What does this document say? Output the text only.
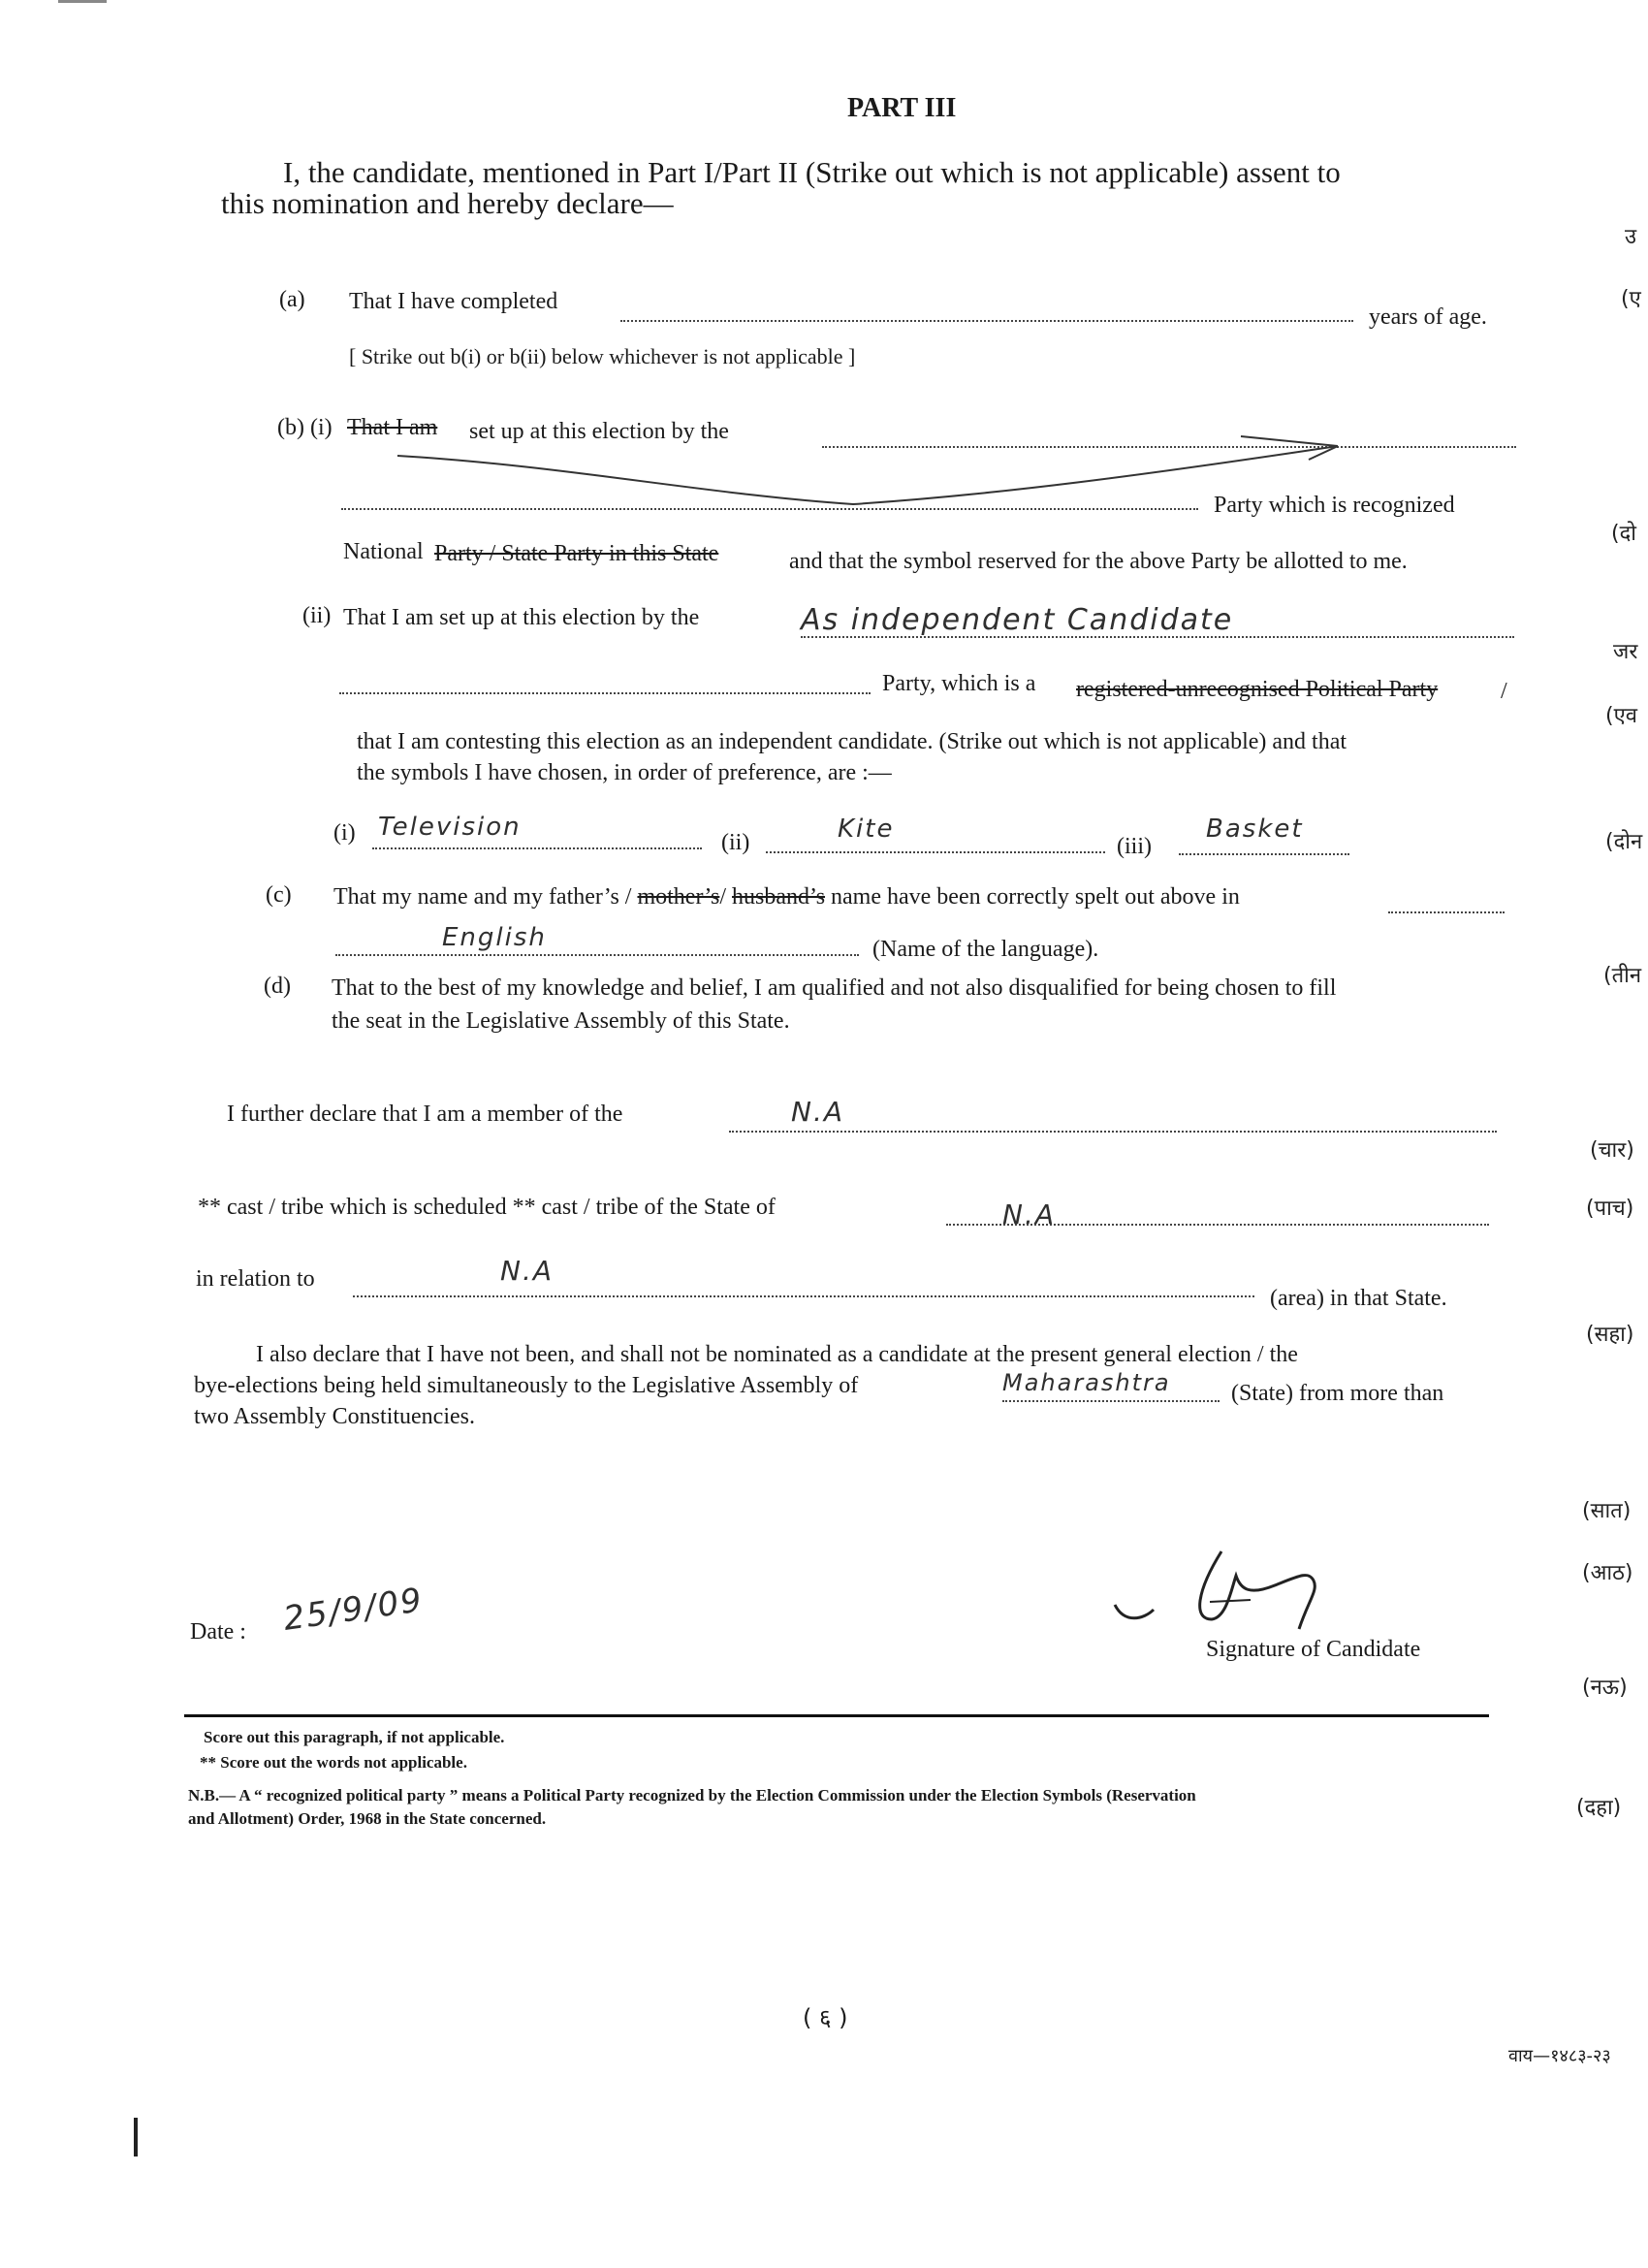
PART III
I, the candidate, mentioned in Part I/Part II (Strike out which is not applicable) assent to
this nomination and hereby declare—
(a) That I have completed
years of age.
[ Strike out b(i) or b(ii) below whichever is not applicable ]
(b) (i) That I am set up at this election by the
Party which is recognized
National Party / State Party in this State	and that the symbol reserved for the above Party be allotted to me.
(ii) That I am set up at this election by the	As independent Candidate
Party, which is a registered-unrecognised Political Party	/
that I am contesting this election as an independent candidate. (Strike out which is not applicable) and that
the symbols I have chosen, in order of preference, are :—
(i) Television
(ii)	Kite
(iii)
Basket
(c) That my name and my father’s / mother’s/ husband’s name have been correctly spelt out above in
English	(Name of the language).
(d) That to the best of my knowledge and belief, I am qualified and not also disqualified for being chosen to fill
the seat in the Legislative Assembly of this State.
I further declare that I am a member of the	N.A
** cast / tribe which is scheduled ** cast / tribe of the State of	N.A
in relation to	N.A
(area) in that State.
I also declare that I have not been, and shall not be nominated as a candidate at the present general election / the
bye-elections being held simultaneously to the Legislative Assembly of	Maharashtra	(State) from more than
two Assembly Constituencies.
Date : 25/9/09
Signature of Candidate
Score out this paragraph, if not applicable.
** Score out the words not applicable.
N.B.— A “ recognized political party ” means a Political Party recognized by the Election Commission under the Election Symbols (Reservation
and Allotment) Order, 1968 in the State concerned.
( ६ )
वाय—१४८३-२३
उ
(ए
(दो
जर
(एव
(दोन
(तीन
(चार)
(पाच)
(सहा)
(सात)
(आठ)
(नऊ)
(दहा)
